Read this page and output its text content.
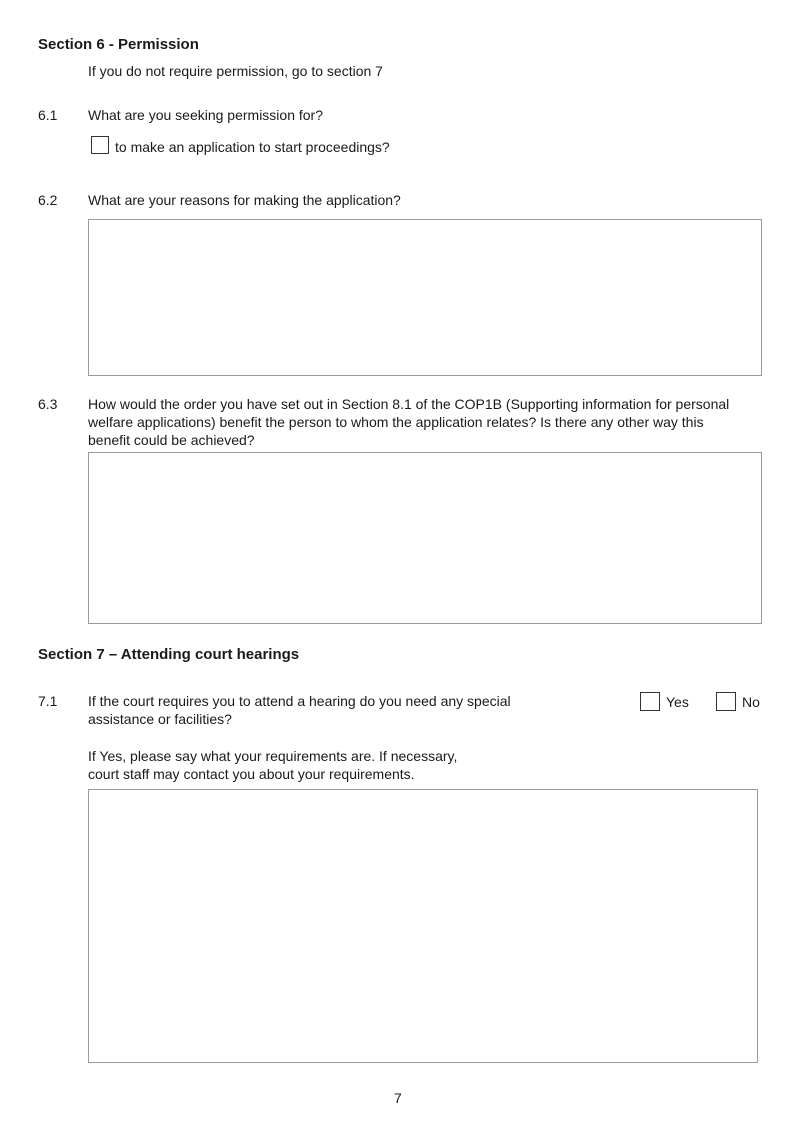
Section 6 - Permission
If you do not require permission, go to section 7
6.1 What are you seeking permission for?
to make an application to start proceedings?
6.2 What are your reasons for making the application?
6.3 How would the order you have set out in Section 8.1 of the COP1B (Supporting information for personal
welfare applications) benefit the person to whom the application relates? Is there any other way this
benefit could be achieved?
Section 7 – Attending court hearings
7.1 If the court requires you to attend a hearing do you need any special
assistance or facilities?
Yes	No
If Yes, please say what your requirements are. If necessary,
court staff may contact you about your requirements.
7
